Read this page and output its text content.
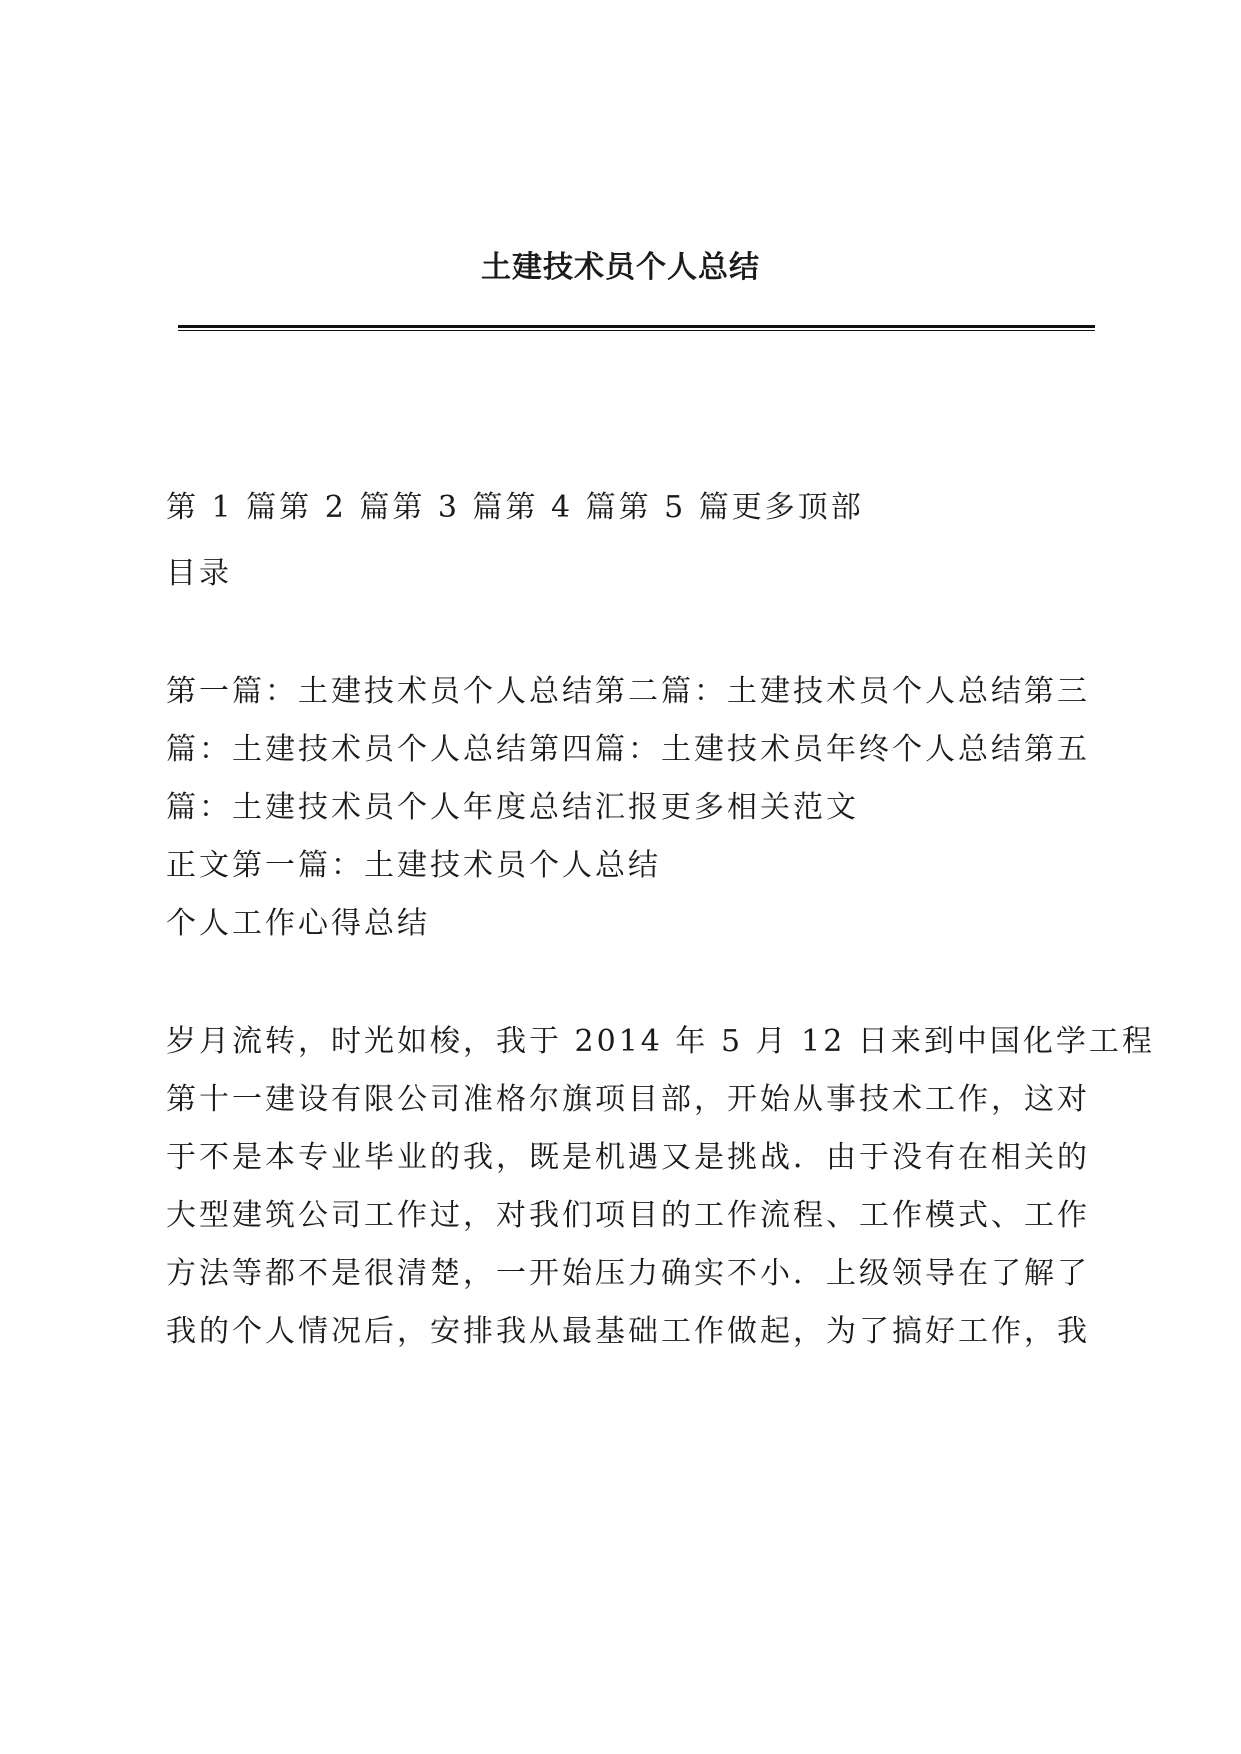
土建技术员个人总结
第 1 篇第 2 篇第 3 篇第 4 篇第 5 篇更多顶部
目录
第一篇：土建技术员个人总结第二篇：土建技术员个人总结第三
篇：土建技术员个人总结第四篇：土建技术员年终个人总结第五
篇：土建技术员个人年度总结汇报更多相关范文
正文第一篇：土建技术员个人总结
个人工作心得总结
岁月流转，时光如梭，我于 2014 年 5 月 12 日来到中国化学工程
第十一建设有限公司准格尔旗项目部，开始从事技术工作，这对
于不是本专业毕业的我，既是机遇又是挑战．由于没有在相关的
大型建筑公司工作过，对我们项目的工作流程、工作模式、工作
方法等都不是很清楚，一开始压力确实不小．上级领导在了解了
我的个人情况后，安排我从最基础工作做起，为了搞好工作，我
